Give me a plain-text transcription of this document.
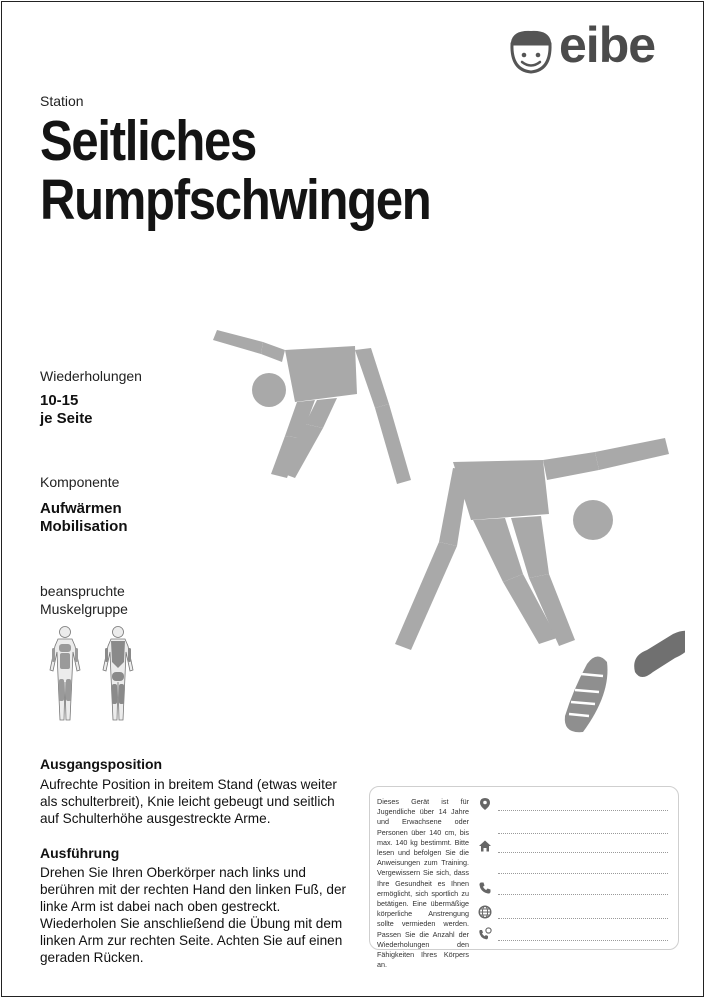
eibe
Station
Seitliches
Rumpfschwingen
Wiederholungen
10-15
je Seite
Komponente
Aufwärmen
Mobilisation
beanspruchte
Muskelgruppe
Ausgangsposition

Aufrechte Position in breitem Stand (etwas weiter als schulterbreit), Knie leicht gebeugt und seitlich auf Schulterhöhe ausgestreckte Arme.

Ausführung

Drehen Sie Ihren Oberkörper nach links und berühren mit der rechten Hand den linken Fuß, der linke Arm ist dabei nach oben gestreckt. Wiederholen Sie anschließend die Übung mit dem linken Arm zur rechten Seite. Achten Sie auf einen geraden Rücken.

Dieses Gerät ist für Jugendliche über 14 Jahre und Erwachsene oder Personen über 140 cm, bis max. 140 kg bestimmt. Bitte lesen und befolgen Sie die Anweisungen zum Training. Vergewissern Sie sich, dass Ihre Gesundheit es Ihnen ermöglicht, sich sportlich zu betätigen. Eine übermäßige körperliche Anstrengung sollte vermieden werden. Passen Sie die Anzahl der Wiederholungen den Fähigkeiten Ihres Körpers an.
